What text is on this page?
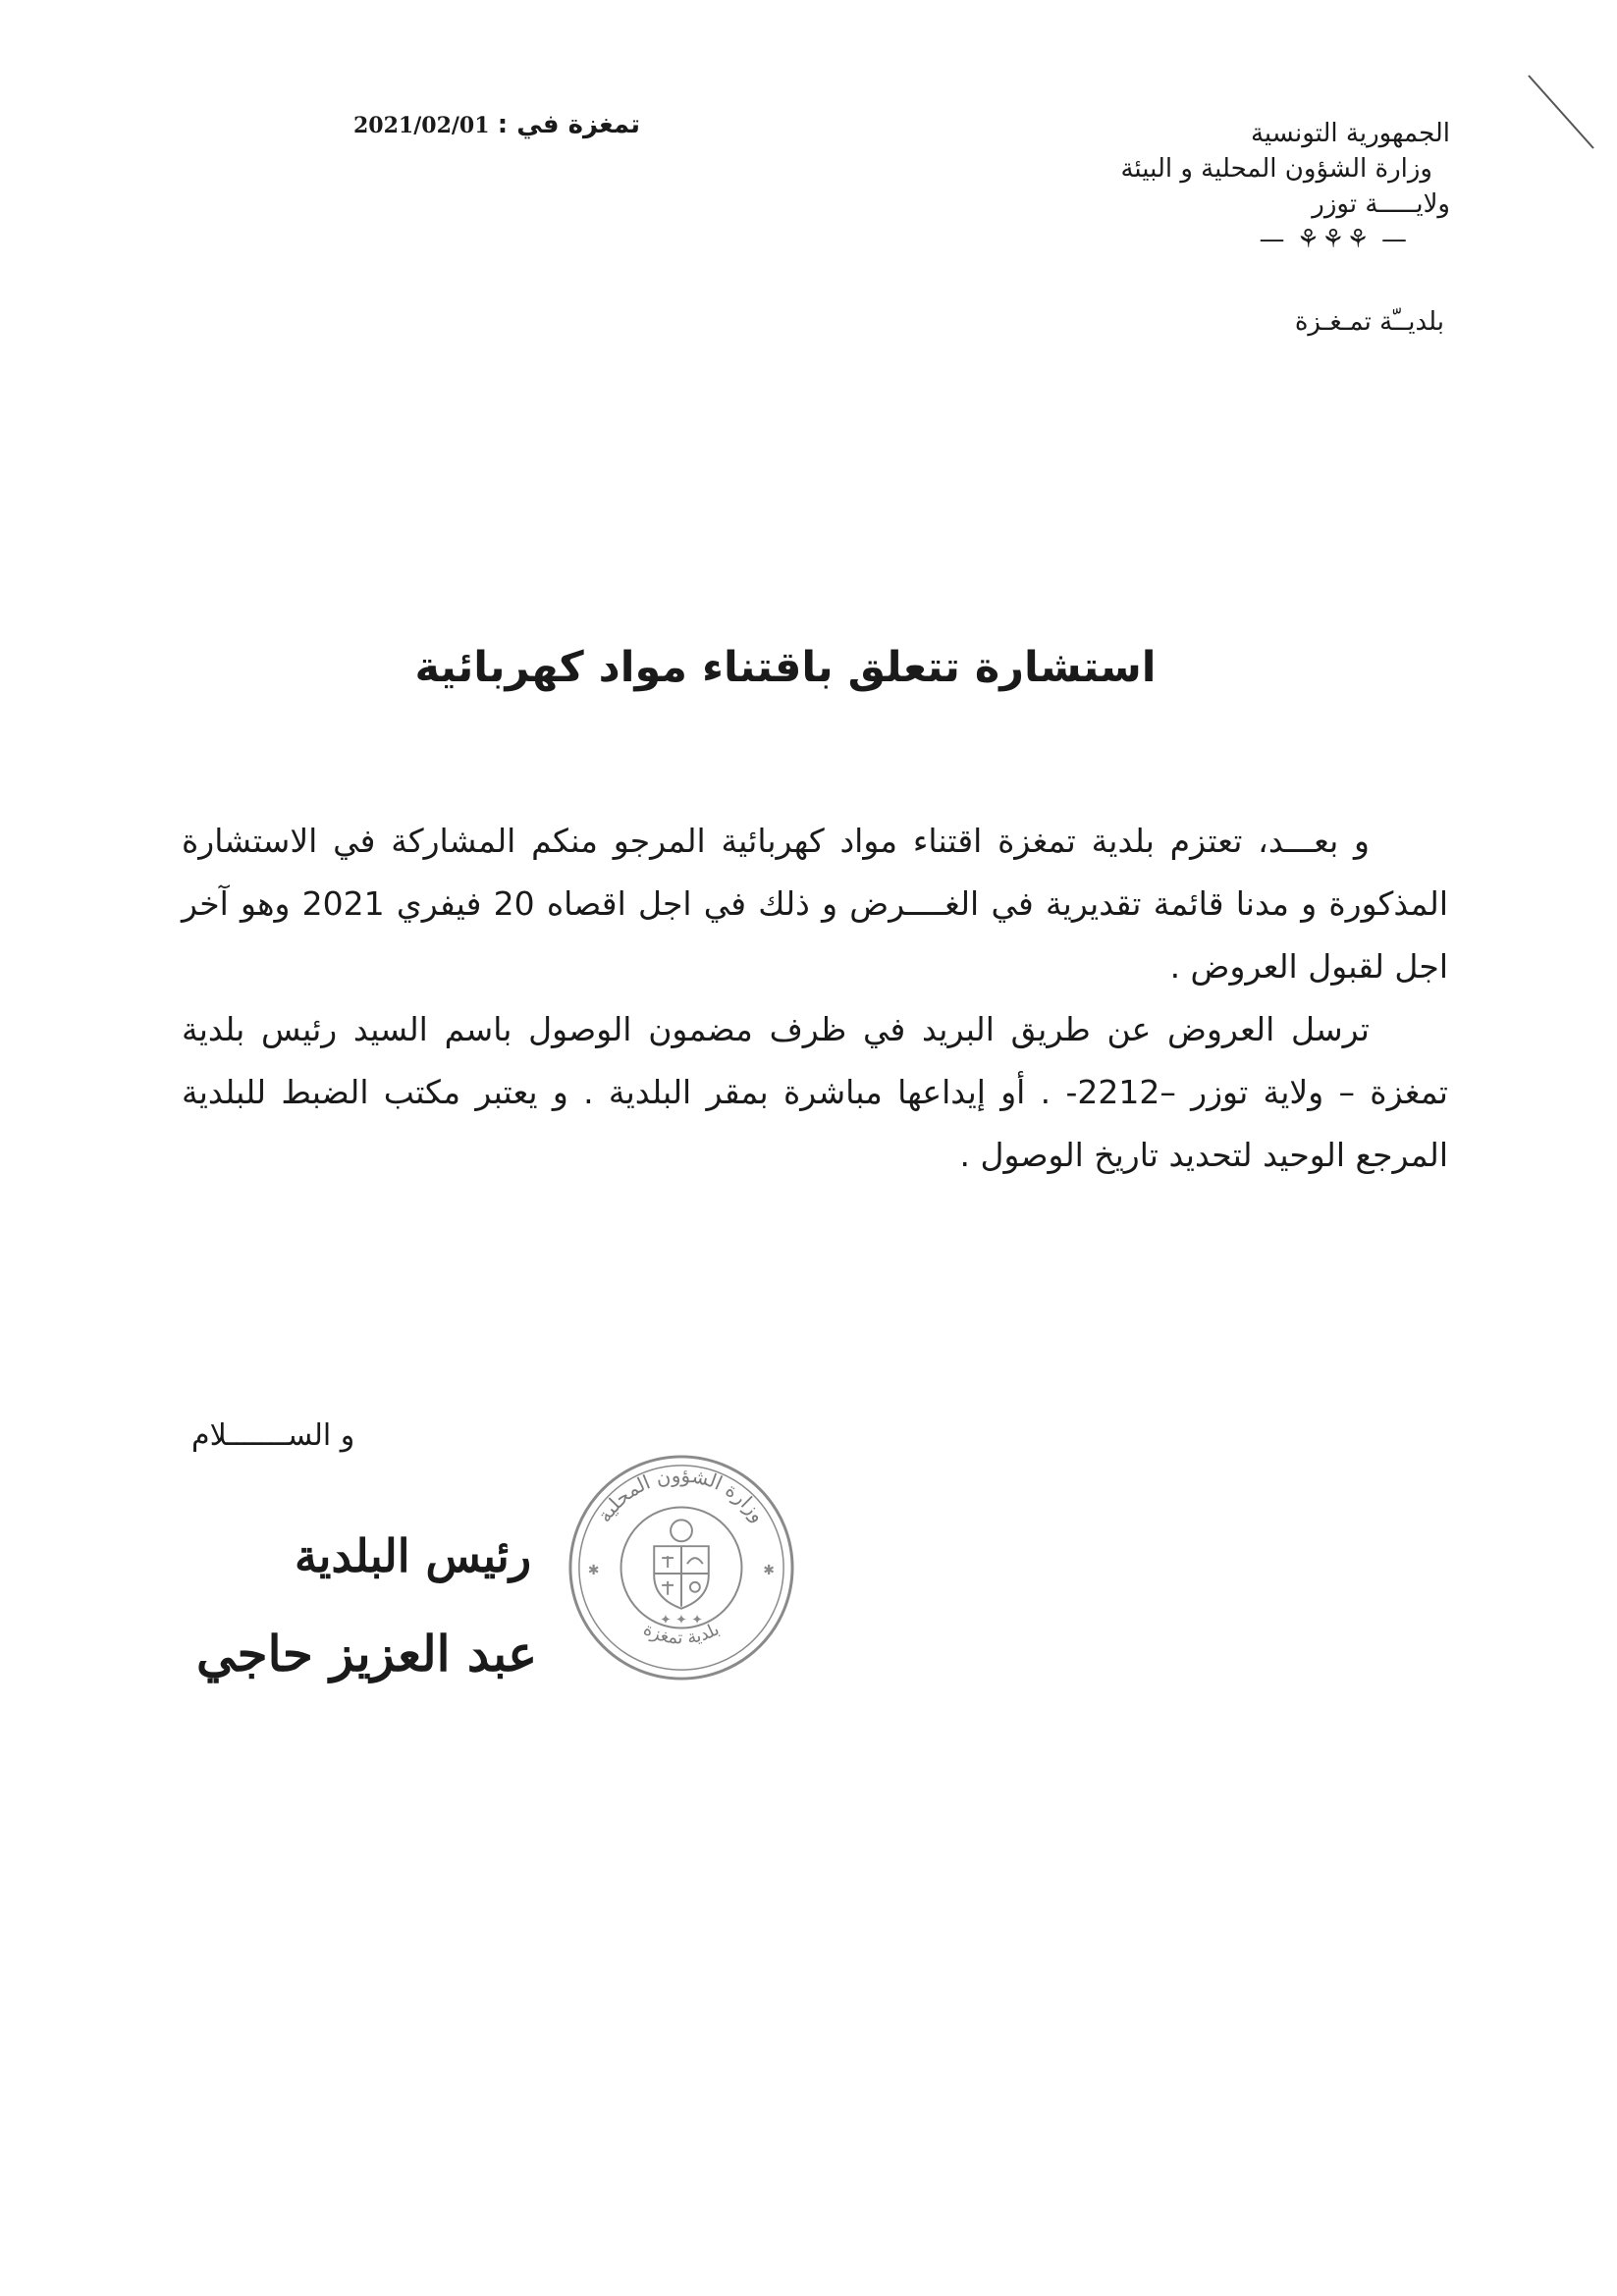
الجمهورية التونسية
وزارة الشؤون المحلية و البيئة
ولايـــــة توزر
— ⚘⚘⚘ —
بلديــّة تمـغـزة
تمغزة في : 2021/02/01
استشارة تتعلق باقتناء مواد كهربائية

و بعـــد، تعتزم بلدية تمغزة اقتناء مواد كهربائية المرجو منكم المشاركة في الاستشارة المذكورة و مدنا قائمة تقديرية في الغــــرض و ذلك في اجل اقصاه 20 فيفري 2021 وهو آخر اجل لقبول العروض .

ترسل العروض عن طريق البريد في ظرف مضمون الوصول باسم السيد رئيس بلدية تمغزة – ولاية توزر –2212- . أو إيداعها مباشرة بمقر البلدية . و يعتبر مكتب الضبط للبلدية المرجع الوحيد لتحديد تاريخ الوصول .

و الســـــــلام
وزارة الشؤون المحلية
بلدية تمغزة
✦ ✦ ✦
✱	✱
رئيس البلدية
عبد العزيز حاجي
